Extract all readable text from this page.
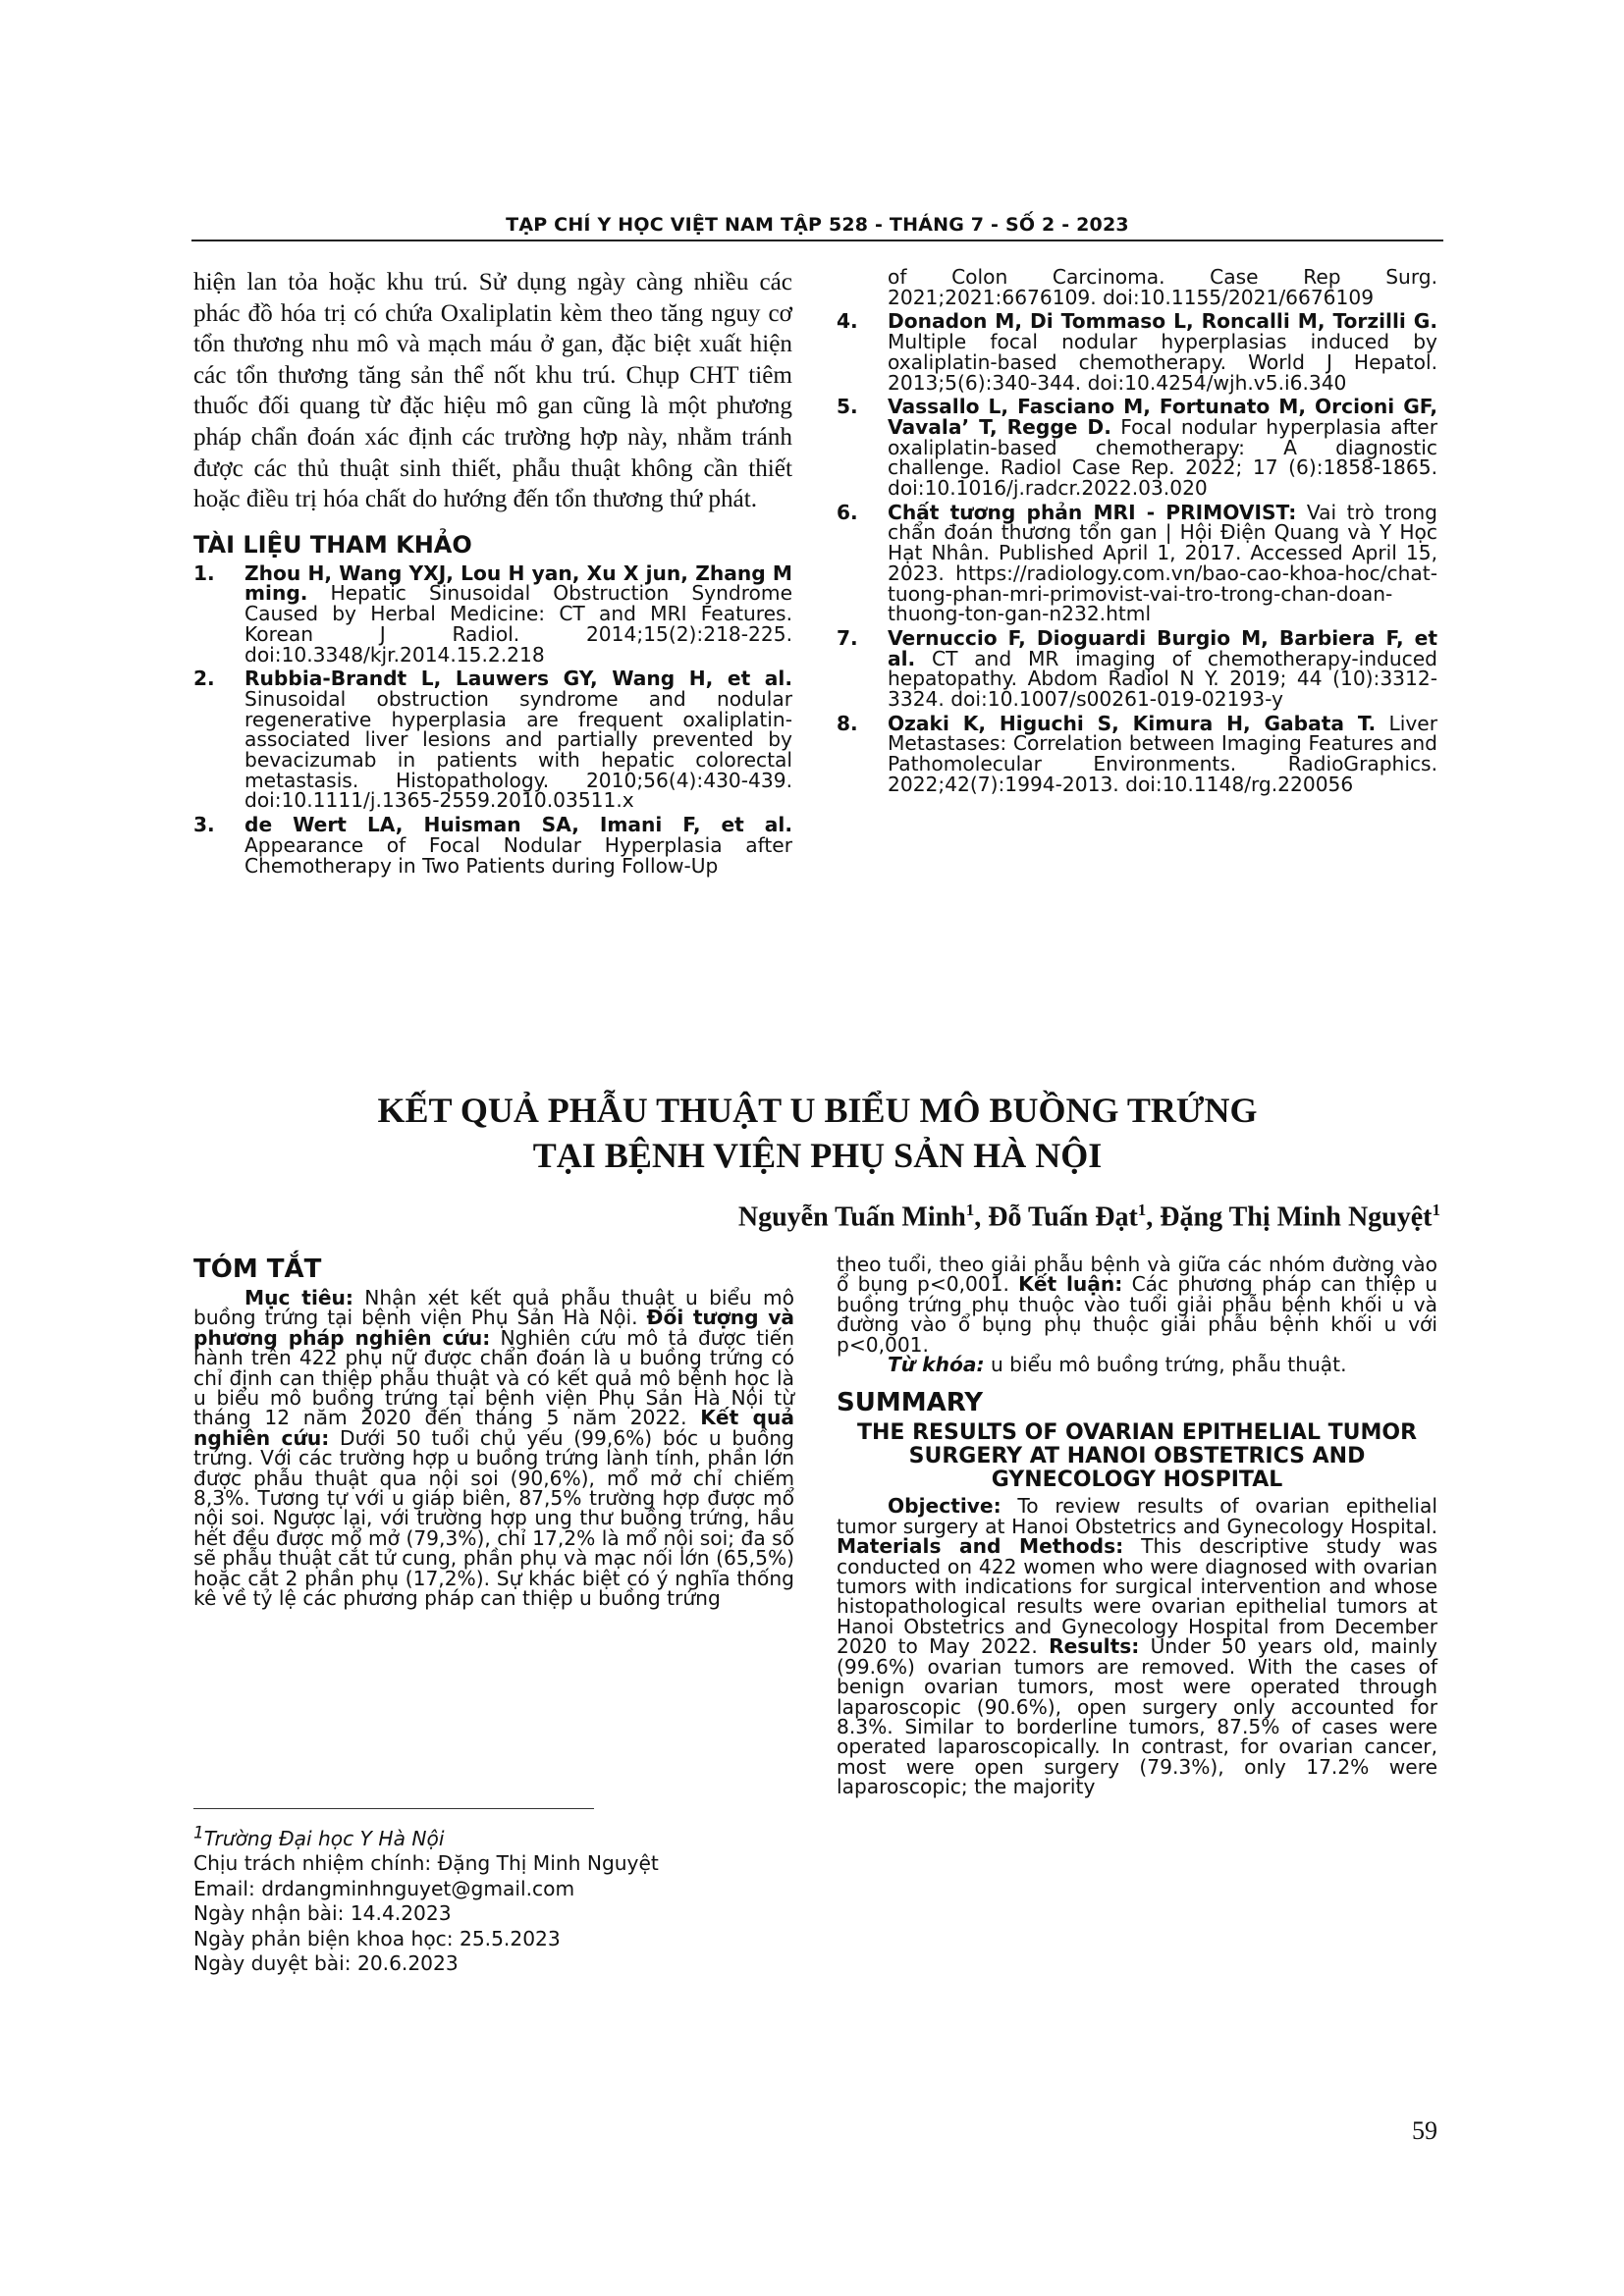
TẠP CHÍ Y HỌC VIỆT NAM TẬP 528 - THÁNG 7 - SỐ 2 - 2023
hiện lan tỏa hoặc khu trú. Sử dụng ngày càng nhiều các phác đồ hóa trị có chứa Oxaliplatin kèm theo tăng nguy cơ tổn thương nhu mô và mạch máu ở gan, đặc biệt xuất hiện các tổn thương tăng sản thể nốt khu trú. Chụp CHT tiêm thuốc đối quang từ đặc hiệu mô gan cũng là một phương pháp chẩn đoán xác định các trường hợp này, nhằm tránh được các thủ thuật sinh thiết, phẫu thuật không cần thiết hoặc điều trị hóa chất do hướng đến tổn thương thứ phát.
TÀI LIỆU THAM KHẢO
1. Zhou H, Wang YXJ, Lou H yan, Xu X jun, Zhang M ming. Hepatic Sinusoidal Obstruction Syndrome Caused by Herbal Medicine: CT and MRI Features. Korean J Radiol. 2014;15(2):218-225. doi:10.3348/kjr.2014.15.2.218
2. Rubbia-Brandt L, Lauwers GY, Wang H, et al. Sinusoidal obstruction syndrome and nodular regenerative hyperplasia are frequent oxaliplatin-associated liver lesions and partially prevented by bevacizumab in patients with hepatic colorectal metastasis. Histopathology. 2010;56(4):430-439. doi:10.1111/j.1365-2559.2010.03511.x
3. de Wert LA, Huisman SA, Imani F, et al. Appearance of Focal Nodular Hyperplasia after Chemotherapy in Two Patients during Follow-Up
of Colon Carcinoma. Case Rep Surg. 2021;2021:6676109. doi:10.1155/2021/6676109
4. Donadon M, Di Tommaso L, Roncalli M, Torzilli G. Multiple focal nodular hyperplasias induced by oxaliplatin-based chemotherapy. World J Hepatol. 2013;5(6):340-344. doi:10.4254/wjh.v5.i6.340
5. Vassallo L, Fasciano M, Fortunato M, Orcioni GF, Vavala’ T, Regge D. Focal nodular hyperplasia after oxaliplatin-based chemotherapy: A diagnostic challenge. Radiol Case Rep. 2022; 17 (6):1858-1865. doi:10.1016/j.radcr.2022.03.020
6. Chất tương phản MRI - PRIMOVIST: Vai trò trong chẩn đoán thương tổn gan | Hội Điện Quang và Y Học Hạt Nhân. Published April 1, 2017. Accessed April 15, 2023. https://radiology.com.vn/bao-cao-khoa-hoc/chat-tuong-phan-mri-primovist-vai-tro-trong-chan-doan-thuong-ton-gan-n232.html
7. Vernuccio F, Dioguardi Burgio M, Barbiera F, et al. CT and MR imaging of chemotherapy-induced hepatopathy. Abdom Radiol N Y. 2019; 44 (10):3312-3324. doi:10.1007/s00261-019-02193-y
8. Ozaki K, Higuchi S, Kimura H, Gabata T. Liver Metastases: Correlation between Imaging Features and Pathomolecular Environments. RadioGraphics. 2022;42(7):1994-2013. doi:10.1148/rg.220056
KẾT QUẢ PHẪU THUẬT U BIỂU MÔ BUỒNG TRỨNG
TẠI BỆNH VIỆN PHỤ SẢN HÀ NỘI
Nguyễn Tuấn Minh$^1$, Đỗ Tuấn Đạt$^1$, Đặng Thị Minh Nguyệt$^1$
TÓM TẮT

Mục tiêu: Nhận xét kết quả phẫu thuật u biểu mô buồng trứng tại bệnh viện Phụ Sản Hà Nội. Đối tượng và phương pháp nghiên cứu: Nghiên cứu mô tả được tiến hành trên 422 phụ nữ được chẩn đoán là u buồng trứng có chỉ định can thiệp phẫu thuật và có kết quả mô bệnh học là u biểu mô buồng trứng tại bệnh viện Phụ Sản Hà Nội từ tháng 12 năm 2020 đến tháng 5 năm 2022. Kết quả nghiên cứu: Dưới 50 tuổi chủ yếu (99,6%) bóc u buồng trứng. Với các trường hợp u buồng trứng lành tính, phần lớn được phẫu thuật qua nội soi (90,6%), mổ mở chỉ chiếm 8,3%. Tương tự với u giáp biên, 87,5% trường hợp được mổ nội soi. Ngược lại, với trường hợp ung thư buồng trứng, hầu hết đều được mổ mở (79,3%), chỉ 17,2% là mổ nội soi; đa số sẽ phẫu thuật cắt tử cung, phần phụ và mạc nối lớn (65,5%) hoặc cắt 2 phần phụ (17,2%). Sự khác biệt có ý nghĩa thống kê về tỷ lệ các phương pháp can thiệp u buồng trứng

$^1$Trường Đại học Y Hà Nội
Chịu trách nhiệm chính: Đặng Thị Minh Nguyệt
Email: drdangminhnguyet@gmail.com
Ngày nhận bài: 14.4.2023
Ngày phản biện khoa học: 25.5.2023
Ngày duyệt bài: 20.6.2023

theo tuổi, theo giải phẫu bệnh và giữa các nhóm đường vào ổ bụng p<0,001. Kết luận: Các phương pháp can thiệp u buồng trứng phụ thuộc vào tuổi giải phẫu bệnh khối u và đường vào ổ bụng phụ thuộc giải phẫu bệnh khối u với p<0,001.

Từ khóa: u biểu mô buồng trứng, phẫu thuật.

SUMMARY
THE RESULTS OF OVARIAN EPITHELIAL TUMOR SURGERY AT HANOI OBSTETRICS AND GYNECOLOGY HOSPITAL

Objective: To review results of ovarian epithelial tumor surgery at Hanoi Obstetrics and Gynecology Hospital. Materials and Methods: This descriptive study was conducted on 422 women who were diagnosed with ovarian tumors with indications for surgical intervention and whose histopathological results were ovarian epithelial tumors at Hanoi Obstetrics and Gynecology Hospital from December 2020 to May 2022. Results: Under 50 years old, mainly (99.6%) ovarian tumors are removed. With the cases of benign ovarian tumors, most were operated through laparoscopic (90.6%), open surgery only accounted for 8.3%. Similar to borderline tumors, 87.5% of cases were operated laparoscopically. In contrast, for ovarian cancer, most were open surgery (79.3%), only 17.2% were laparoscopic; the majority

59
